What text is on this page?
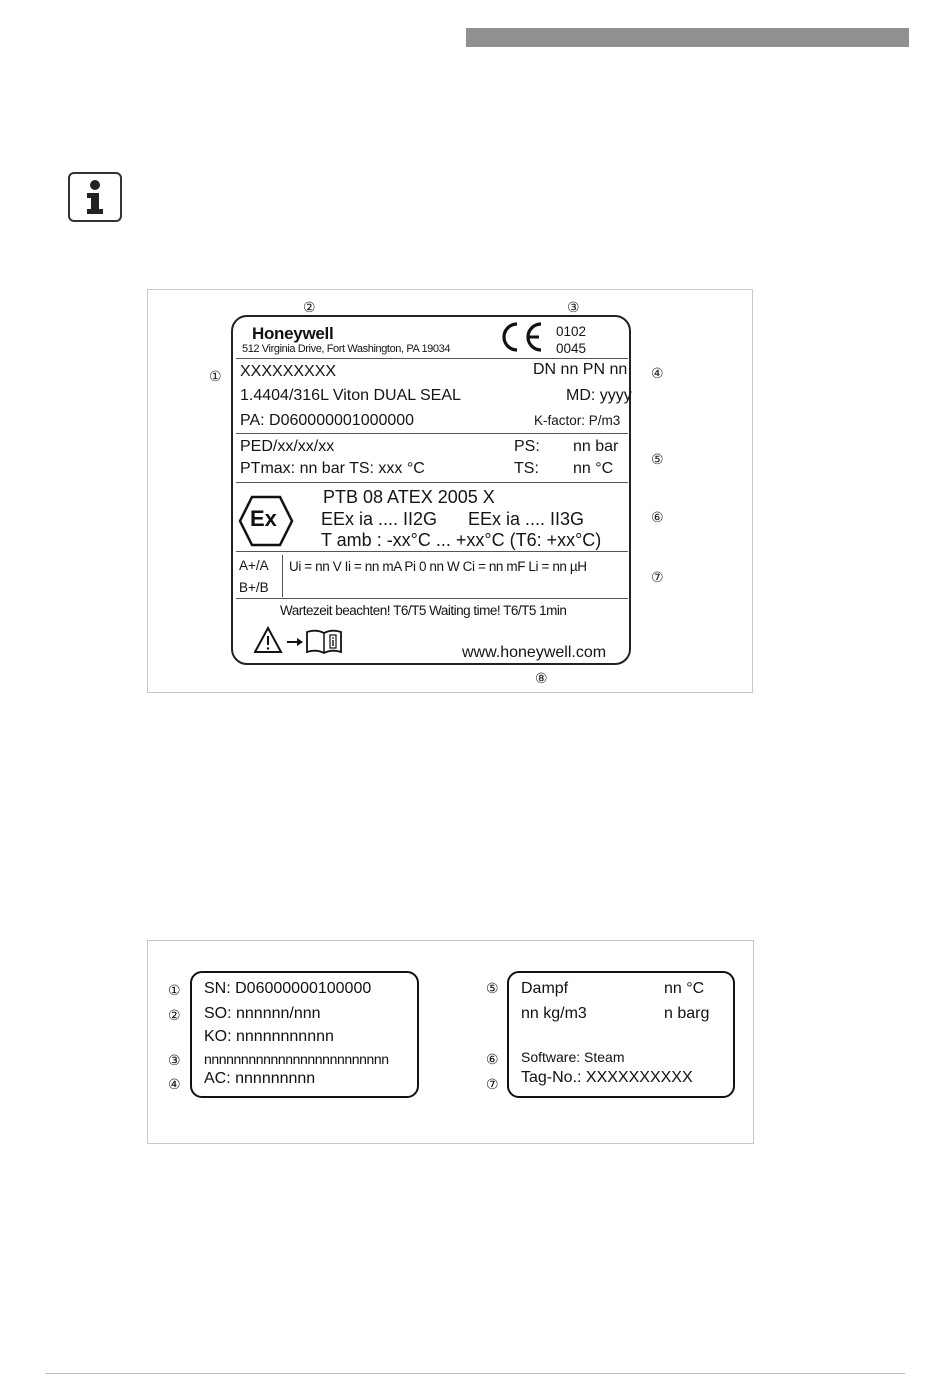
②	③
①	④
⑤
⑥
⑦
⑧
Honeywell
512 Virginia Drive, Fort Washington, PA 19034
0102
0045
XXXXXXXXX	DN nn PN nn
1.4404/316L Viton DUAL SEAL	MD: yyyy
PA: D060000001000000	K-factor: P/m3
PED/xx/xx/xx	PS: nn bar
PTmax: nn bar TS: xxx °C	TS: nn °C
Ex
PTB 08 ATEX 2005 X
EEx ia .... II2G EEx ia .... II3G
T amb : -xx°C ... +xx°C (T6: +xx°C)
A+/A
B+/B
Ui = nn V Ii = nn mA Pi 0 nn W Ci = nn mF Li = nn µH
Wartezeit beachten! T6/T5 Waiting time! T6/T5 1min
www.honeywell.com
①
②
③
④
SN: D06000000100000
SO: nnnnnn/nnn
KO: nnnnnnnnnnn
nnnnnnnnnnnnnnnnnnnnnnnnn
AC: nnnnnnnnn
⑤
⑥
⑦
Dampf	nn °C
nn kg/m3	n barg
Software: Steam
Tag-No.: XXXXXXXXXX
